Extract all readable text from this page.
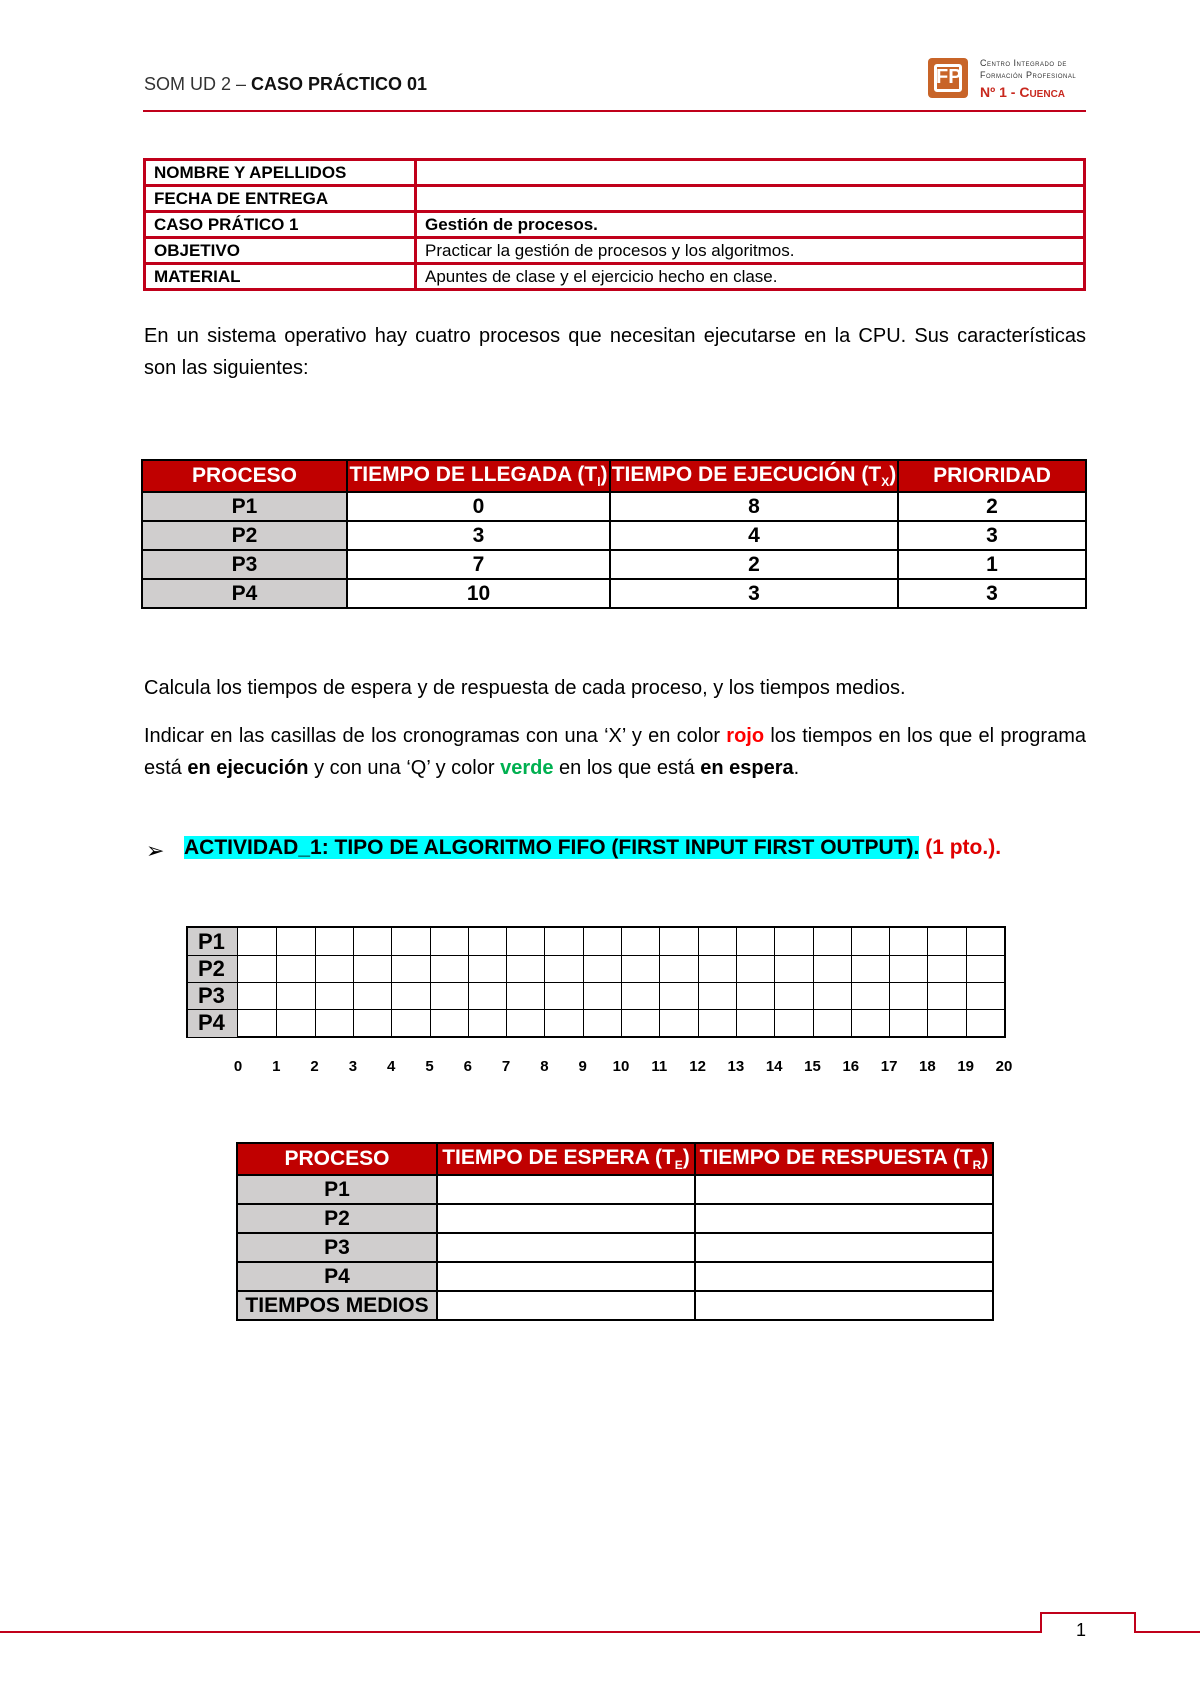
SOM UD 2 – CASO PRÁCTICO 01	FP
Centro Integrado de
Formación Profesional
Nº 1 - Cuenca
NOMBRE Y APELLIDOS	
FECHA DE ENTREGA	
CASO PRÁTICO 1	Gestión de procesos.
OBJETIVO	Practicar la gestión de procesos y los algoritmos.
MATERIAL	Apuntes de clase y el ejercicio hecho en clase.
En un sistema operativo hay cuatro procesos que necesitan ejecutarse en la CPU. Sus características son las siguientes:
PROCESO	TIEMPO DE LLEGADA $(T_l)$	TIEMPO DE EJECUCIÓN $(T_X)$	PRIORIDAD
P1	0	8	2
P2	3	4	3
P3	7	2	1
P4	10	3	3
Calcula los tiempos de espera y de respuesta de cada proceso, y los tiempos medios.
Indicar en las casillas de los cronogramas con una ‘X’ y en color rojo los tiempos en los que el programa está en ejecución y con una ‘Q’ y color verde en los que está en espera.
➢ ACTIVIDAD_1: TIPO DE ALGORITMO FIFO (FIRST INPUT FIRST OUTPUT). (1 pto.).
P1
P2
P3
P4
0	1	2	3	4	5	6	7	8	9	10	11	12	13	14	15	16	17	18	19	20
PROCESO	TIEMPO DE ESPERA $(T_E)$	TIEMPO DE RESPUESTA $(T_R)$
P1		
P2		
P3		
P4		
TIEMPOS MEDIOS		
1
